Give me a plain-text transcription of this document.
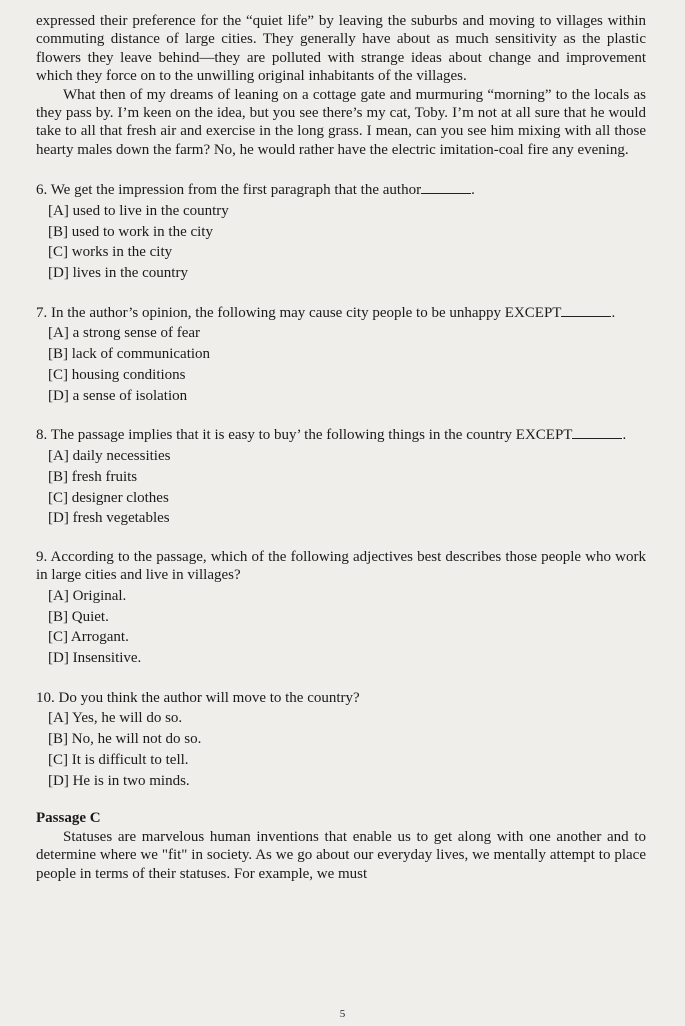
expressed their preference for the “quiet life” by leaving the suburbs and moving to villages within commuting distance of large cities. They generally have about as much sensitivity as the plastic flowers they leave behind—they are polluted with strange ideas about change and improvement which they force on to the unwilling original inhabitants of the villages.

What then of my dreams of leaning on a cottage gate and murmuring “morning” to the locals as they pass by. I’m keen on the idea, but you see there’s my cat, Toby. I’m not at all sure that he would take to all that fresh air and exercise in the long grass. I mean, can you see him mixing with all those hearty males down the farm? No, he would rather have the electric imitation-coal fire any evening.

6. We get the impression from the first paragraph that the author	.

[A] used to live in the country
[B] used to work in the city
[C] works in the city
[D] lives in the country

7. In the author’s opinion, the following may cause city people to be unhappy EXCEPT	.

[A] a strong sense of fear
[B] lack of communication
[C] housing conditions
[D] a sense of isolation

8. The passage implies that it is easy to buy’ the following things in the country EXCEPT	.

[A] daily necessities
[B] fresh fruits
[C] designer clothes
[D] fresh vegetables

9. According to the passage, which of the following adjectives best describes those people who work in large cities and live in villages?

[A] Original.
[B] Quiet.
[C] Arrogant.
[D] Insensitive.

10. Do you think the author will move to the country?

[A] Yes, he will do so.
[B] No, he will not do so.
[C] It is difficult to tell.
[D] He is in two minds.

Passage C

Statuses are marvelous human inventions that enable us to get along with one another and to determine where we "fit" in society. As we go about our everyday lives, we mentally attempt to place people in terms of their statuses. For example, we must

5
